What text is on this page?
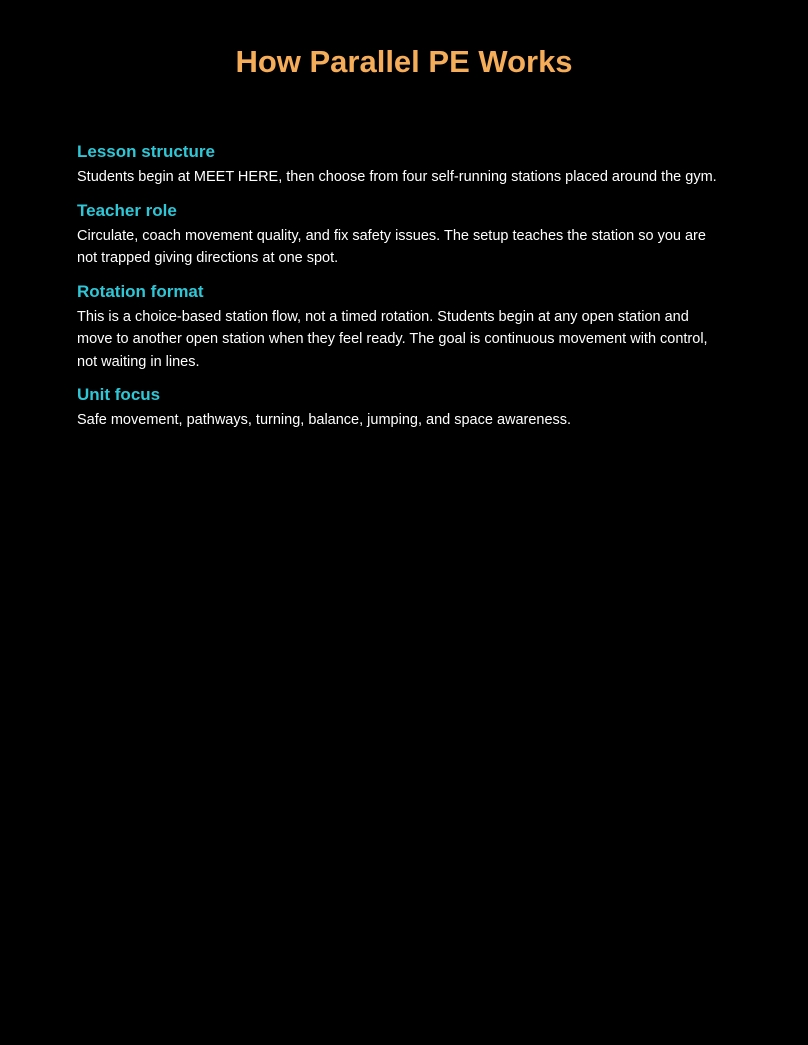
How Parallel PE Works
Lesson structure

Students begin at MEET HERE, then choose from four self-running stations placed around the gym.

Teacher role

Circulate, coach movement quality, and fix safety issues. The setup teaches the station so you are not trapped giving directions at one spot.

Rotation format

This is a choice-based station flow, not a timed rotation. Students begin at any open station and move to another open station when they feel ready. The goal is continuous movement with control, not waiting in lines.

Unit focus

Safe movement, pathways, turning, balance, jumping, and space awareness.
